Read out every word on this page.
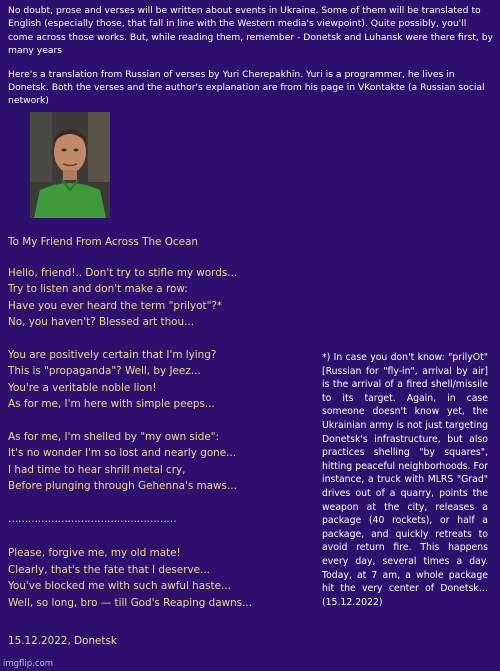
No doubt, prose and verses will be written about events in Ukraine. Some of them will be translated to English (especially those, that fall in line with the Western media's viewpoint). Quite possibly, you'll come across those works. But, while reading them, remember - Donetsk and Luhansk were there first, by many years

Here's a translation from Russian of verses by Yuri Cherepakhin. Yuri is a programmer, he lives in Donetsk. Both the verses and the author's explanation are from his page in VKontakte (a Russian social network)

To My Friend From Across The Ocean
Hello, friend!.. Don't try to stifle my words...
Try to listen and don't make a row:
Have you ever heard the term "prilyot"?*
No, you haven't? Blessed art thou...
You are positively certain that I'm lying?
This is "propaganda"? Well, by Jeez...
You're a veritable noble lion!
As for me, I'm here with simple peeps...
As for me, I'm shelled by "my own side":
It's no wonder I'm so lost and nearly gone...
I had time to hear shrill metal cry,
Before plunging through Gehenna's maws...
……………………………………………
Please, forgive me, my old mate!
Clearly, that's the fate that I deserve...
You've blocked me with such awful haste...
Well, so long, bro — till God's Reaping dawns...
15.12.2022, Donetsk
*) In case you don't know: "prilyOt" [Russian for "fly-in", arrival by air] is the arrival of a fired shell/missile to its target. Again, in case someone doesn't know yet, the Ukrainian army is not just targeting Donetsk's infrastructure, but also practices shelling "by squares", hitting peaceful neighborhoods. For instance, a truck with MLRS "Grad" drives out of a quarry, points the weapon at the city, releases a package (40 rockets), or half a package, and quickly retreats to avoid return fire. This happens every day, several times a day. Today, at 7 am, a whole package hit the very center of Donetsk… (15.12.2022)
imgflip.com
